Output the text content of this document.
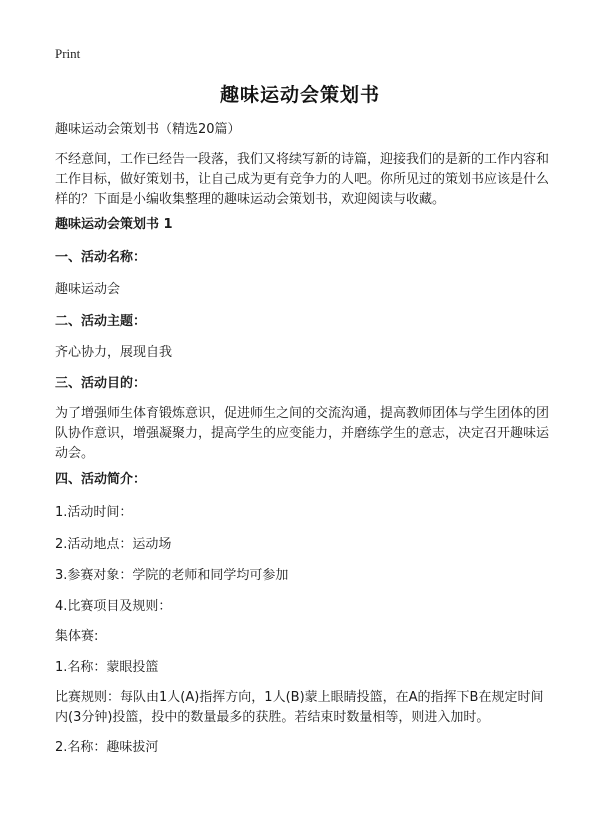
Print
趣味运动会策划书
趣味运动会策划书（精选20篇）
不经意间，工作已经告一段落，我们又将续写新的诗篇，迎接我们的是新的工作内容和工作目标，做好策划书，让自己成为更有竞争力的人吧。你所见过的策划书应该是什么样的？下面是小编收集整理的趣味运动会策划书，欢迎阅读与收藏。
趣味运动会策划书 1
一、活动名称：
趣味运动会
二、活动主题：
齐心协力，展现自我
三、活动目的：
为了增强师生体育锻炼意识，促进师生之间的交流沟通，提高教师团体与学生团体的团队协作意识，增强凝聚力，提高学生的应变能力，并磨练学生的意志，决定召开趣味运动会。
四、活动简介：
1.活动时间：
2.活动地点：运动场
3.参赛对象：学院的老师和同学均可参加
4.比赛项目及规则：
集体赛:
1.名称：蒙眼投篮
比赛规则：每队由1人(A)指挥方向，1人(B)蒙上眼睛投篮，在A的指挥下B在规定时间内(3分钟)投篮，投中的数量最多的获胜。若结束时数量相等，则进入加时。
2.名称：趣味拔河
